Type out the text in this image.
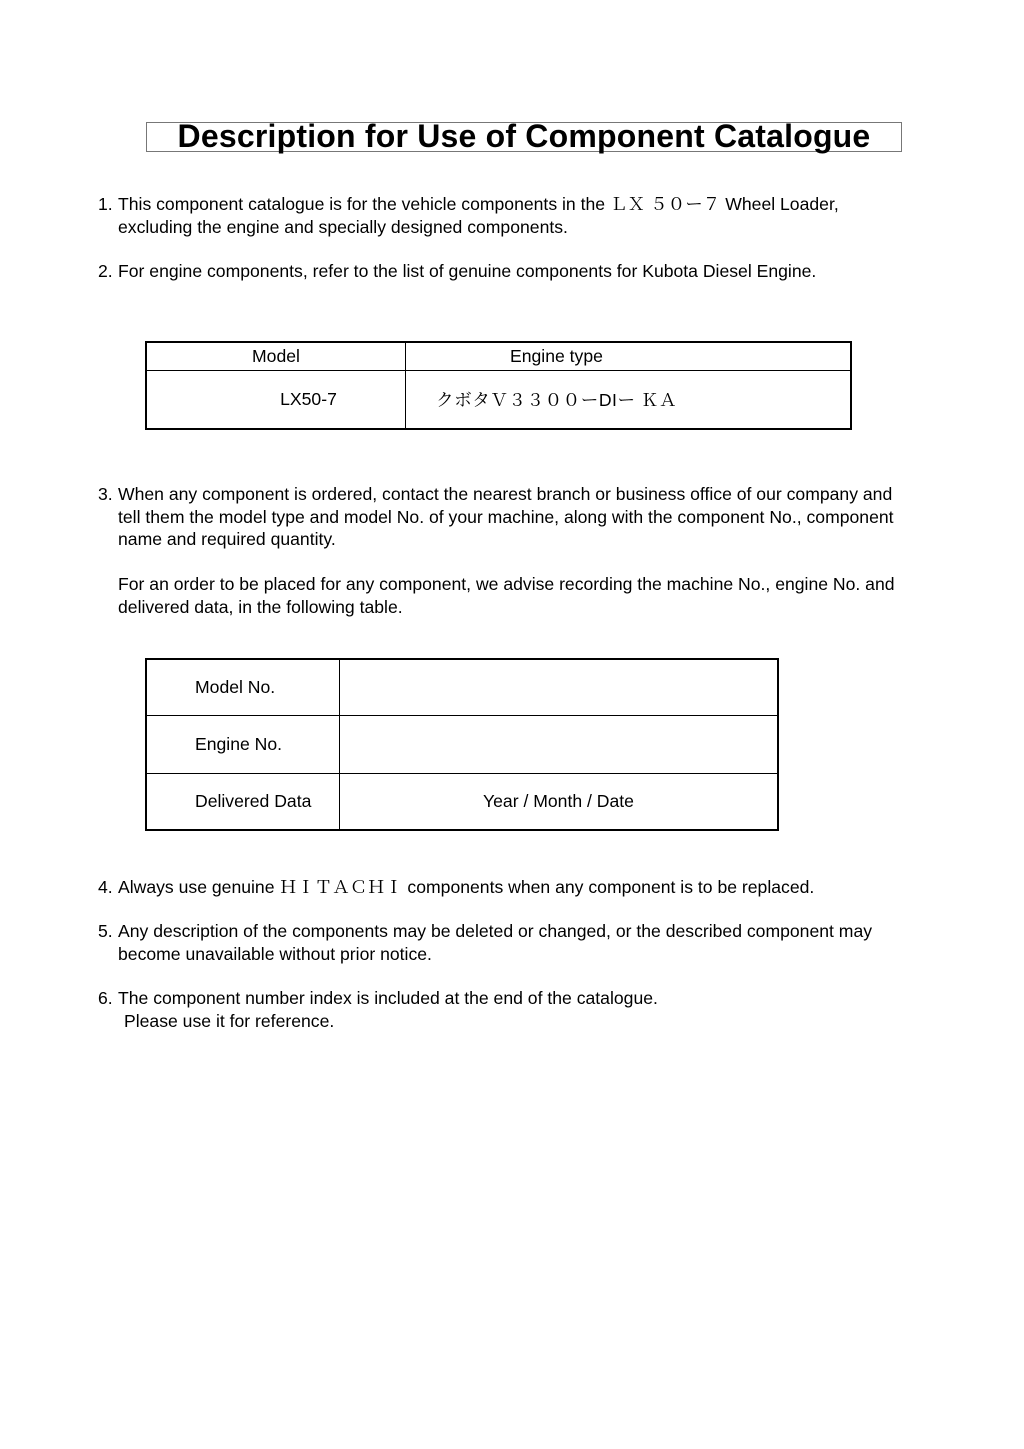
Description for Use of Component Catalogue
1. This component catalogue is for the vehicle components in the ＬＸ ５０ー７ Wheel Loader,
excluding the engine and specially designed components.
2. For engine components, refer to the list of genuine components for Kubota Diesel Engine.
Model	Engine type
LX50-7	クボタＶ３３００ーDIー ＫＡ
3. When any component is ordered, contact the nearest branch or business office of our company and
tell them the model type and model No. of your machine, along with the component No., component
name and required quantity.
For an order to be placed for any component, we advise recording the machine No., engine No. and
delivered data, in the following table.
Model No.	
Engine No.	
Delivered Data	Year / Month / Date
4. Always use genuine ＨＩＴＡＣＨＩ components when any component is to be replaced.
5. Any description of the components may be deleted or changed, or the described component may
become unavailable without prior notice.
6. The component number index is included at the end of the catalogue.
Please use it for reference.
